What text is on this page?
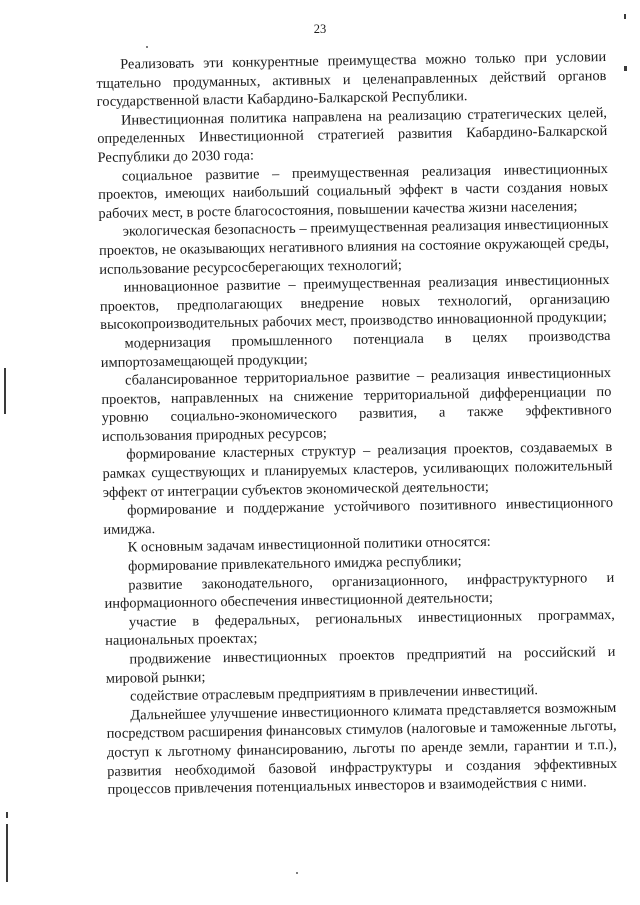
23

Реализовать эти конкурентные преимущества можно только при условии тщательно продуманных, активных и целенаправленных действий органов государственной власти Кабардино-Балкарской Республики.

Инвестиционная политика направлена на реализацию стратегических целей, определенных Инвестиционной стратегией развития Кабардино-Балкарской Республики до 2030 года:

социальное развитие – преимущественная реализация инвестиционных проектов, имеющих наибольший социальный эффект в части создания новых рабочих мест, в росте благосостояния, повышении качества жизни населения;

экологическая безопасность – преимущественная реализация инвестиционных проектов, не оказывающих негативного влияния на состояние окружающей среды, использование ресурсосберегающих технологий;

инновационное развитие – преимущественная реализация инвестиционных проектов, предполагающих внедрение новых технологий, организацию высокопроизводительных рабочих мест, производство инновационной продукции;

модернизация промышленного потенциала в целях производства импортозамещающей продукции;

сбалансированное территориальное развитие – реализация инвестиционных проектов, направленных на снижение территориальной дифференциации по уровню социально-экономического развития, а также эффективного использования природных ресурсов;

формирование кластерных структур – реализация проектов, создаваемых в рамках существующих и планируемых кластеров, усиливающих положительный эффект от интеграции субъектов экономической деятельности;

формирование и поддержание устойчивого позитивного инвестиционного имиджа.

К основным задачам инвестиционной политики относятся:

формирование привлекательного имиджа республики;

развитие законодательного, организационного, инфраструктурного и информационного обеспечения инвестиционной деятельности;

участие в федеральных, региональных инвестиционных программах, национальных проектах;

продвижение инвестиционных проектов предприятий на российский и мировой рынки;

содействие отраслевым предприятиям в привлечении инвестиций.

Дальнейшее улучшение инвестиционного климата представляется возможным посредством расширения финансовых стимулов (налоговые и таможенные льготы, доступ к льготному финансированию, льготы по аренде земли, гарантии и т.п.), развития необходимой базовой инфраструктуры и создания эффективных процессов привлечения потенциальных инвесторов и взаимодействия с ними.
